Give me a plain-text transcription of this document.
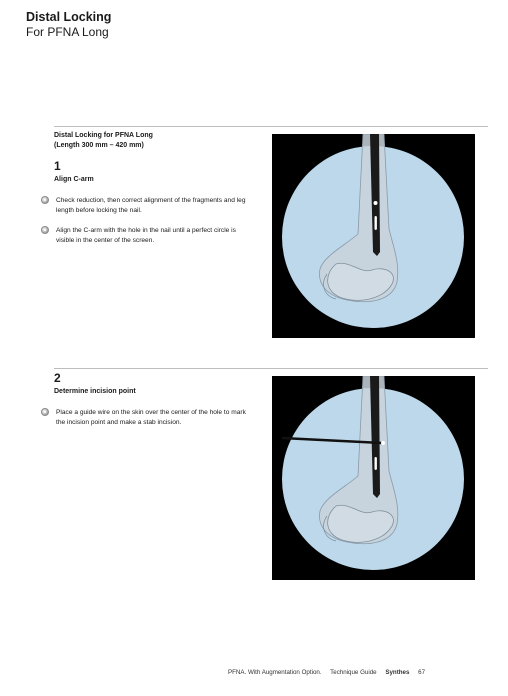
Distal Locking
For PFNA Long
Distal Locking for PFNA Long
(Length 300 mm – 420 mm)
1
Align C-arm
Check reduction, then correct alignment of the fragments and leg length before locking the nail.
Align the C-arm with the hole in the nail until a perfect circle is visible in the center of the screen.
2
Determine incision point
Place a guide wire on the skin over the center of the hole to mark the incision point and make a stab incision.
PFNA. With Augmentation Option. Technique Guide Synthes 67
